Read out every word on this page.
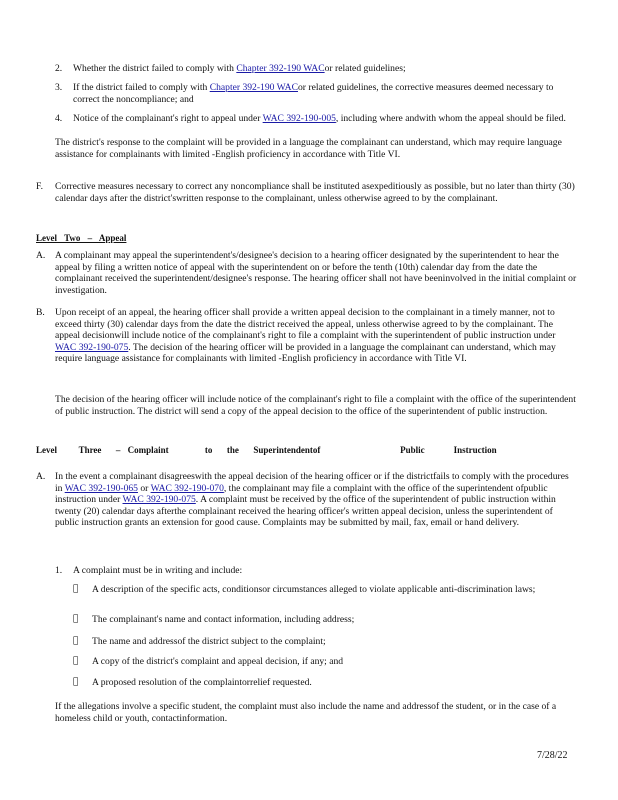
2.	Whether the district failed to comply with Chapter 392-190 WACor related guidelines;
3.	If the district failed to comply with Chapter 392-190 WACor related guidelines, the corrective measures deemed necessary to correct the noncompliance; and
4.	Notice of the complainant's right to appeal under WAC 392-190-005, including where andwith whom the appeal should be filed.
The district's response to the complaint will be provided in a language the complainant can understand, which may require language assistance for complainants with limited -English proficiency in accordance with Title VI.
F.	Corrective measures necessary to correct any noncompliance shall be instituted asexpeditiously as possible, but no later than thirty (30) calendar days after the district'swritten response to the complainant, unless otherwise agreed to by the complainant.
Level Two – Appeal
A.	A complainant may appeal the superintendent's/designee's decision to a hearing officer designated by the superintendent to hear the appeal by filing a written notice of appeal with the superintendent on or before the tenth (10th) calendar day from the date the complainant received the superintendent/designee's response. The hearing officer shall not have beeninvolved in the initial complaint or investigation.
B.	Upon receipt of an appeal, the hearing officer shall provide a written appeal decision to the complainant in a timely manner, not to exceed thirty (30) calendar days from the date the district received the appeal, unless otherwise agreed to by the complainant. The appeal decisionwill include notice of the complainant's right to file a complaint with the superintendent of public instruction under WAC 392-190-075. The decision of the hearing officer will be provided in a language the complainant can understand, which may require language assistance for complainants with limited -English proficiency in accordance with Title VI.
The decision of the hearing officer will include notice of the complainant's right to file a complaint with the office of the superintendent of public instruction. The district will send a copy of the appeal decision to the office of the superintendent of public instruction.
Level   Three  – Complaint     to  the  Superintendentof           Public    Instruction
A.	In the event a complainant disagreeswith the appeal decision of the hearing officer or if the districtfails to comply with the procedures in WAC 392-190-065 or WAC 392-190-070, the complainant may file a complaint with the office of the superintendent ofpublic instruction under WAC 392-190-075. A complaint must be received by the office of the superintendent of public instruction within twenty (20) calendar days afterthe complainant received the hearing officer's written appeal decision, unless the superintendent of public instruction grants an extension for good cause. Complaints may be submitted by mail, fax, email or hand delivery.
1.	A complaint must be in writing and include:
A description of the specific acts, conditionsor circumstances alleged to violate applicable anti-discrimination laws;
The complainant's name and contact information, including address;
The name and addressof the district subject to the complaint;
A copy of the district's complaint and appeal decision, if any; and
A proposed resolution of the complaintorrelief requested.
If the allegations involve a specific student, the complaint must also include the name and addressof the student, or in the case of a homeless child or youth, contactinformation.
7/28/22
